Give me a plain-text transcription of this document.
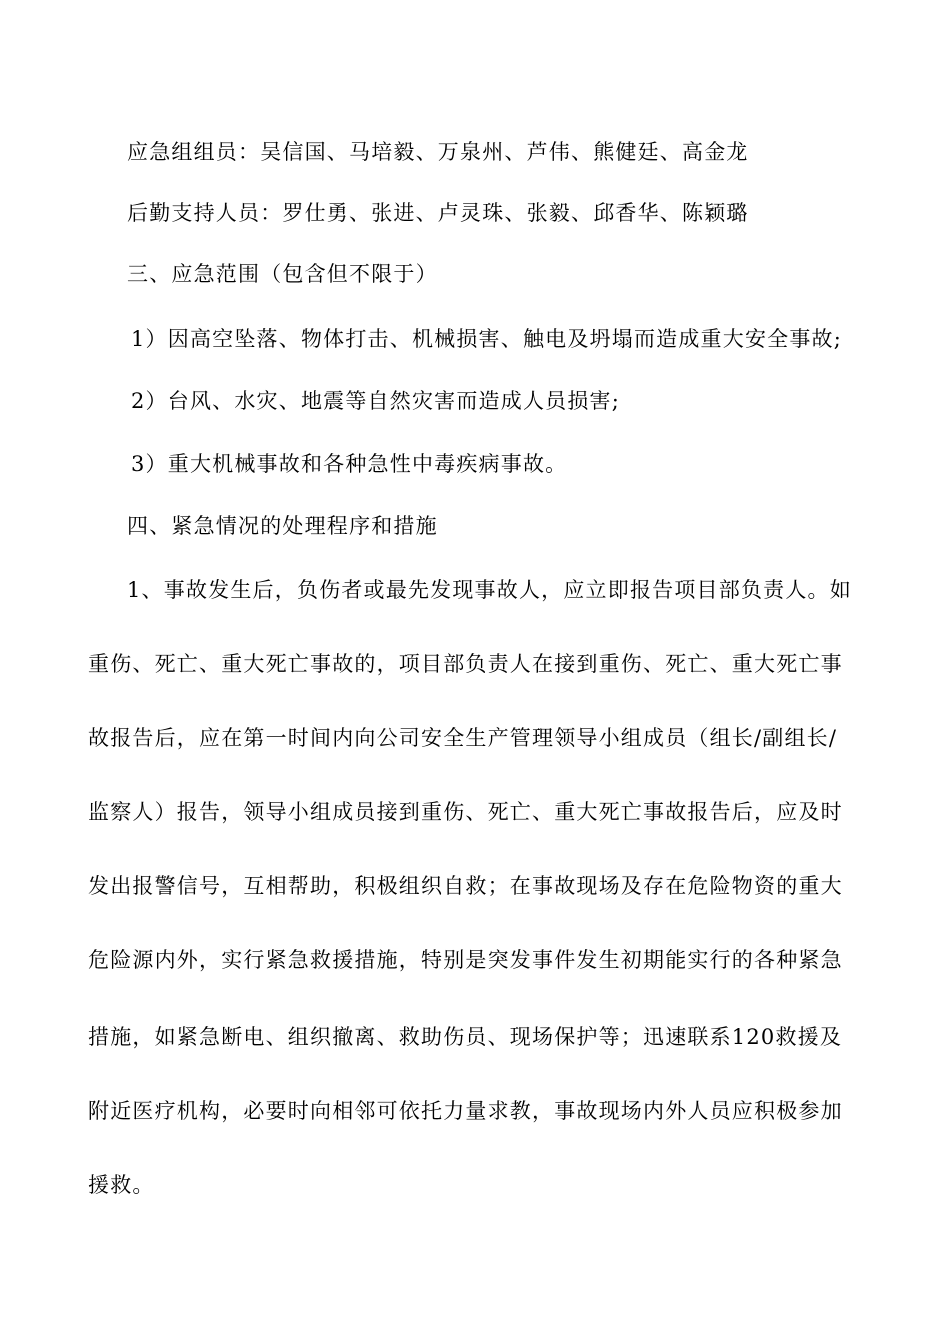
应急组组员：吴信国、马培毅、万泉州、芦伟、熊健廷、高金龙
后勤支持人员：罗仕勇、张进、卢灵珠、张毅、邱香华、陈颖璐
三、应急范围（包含但不限于）
1）因高空坠落、物体打击、机械损害、触电及坍塌而造成重大安全事故;
2）台风、水灾、地震等自然灾害而造成人员损害;
3）重大机械事故和各种急性中毒疾病事故。
四、紧急情况的处理程序和措施
1、事故发生后，负伤者或最先发现事故人，应立即报告项目部负责人。如
重伤、死亡、重大死亡事故的，项目部负责人在接到重伤、死亡、重大死亡事
故报告后，应在第一时间内向公司安全生产管理领导小组成员（组长/副组长/
监察人）报告，领导小组成员接到重伤、死亡、重大死亡事故报告后，应及时
发出报警信号，互相帮助，积极组织自救；在事故现场及存在危险物资的重大
危险源内外，实行紧急救援措施，特别是突发事件发生初期能实行的各种紧急
措施，如紧急断电、组织撤离、救助伤员、现场保护等；迅速联系120救援及
附近医疗机构，必要时向相邻可依托力量求教，事故现场内外人员应积极参加
援救。
